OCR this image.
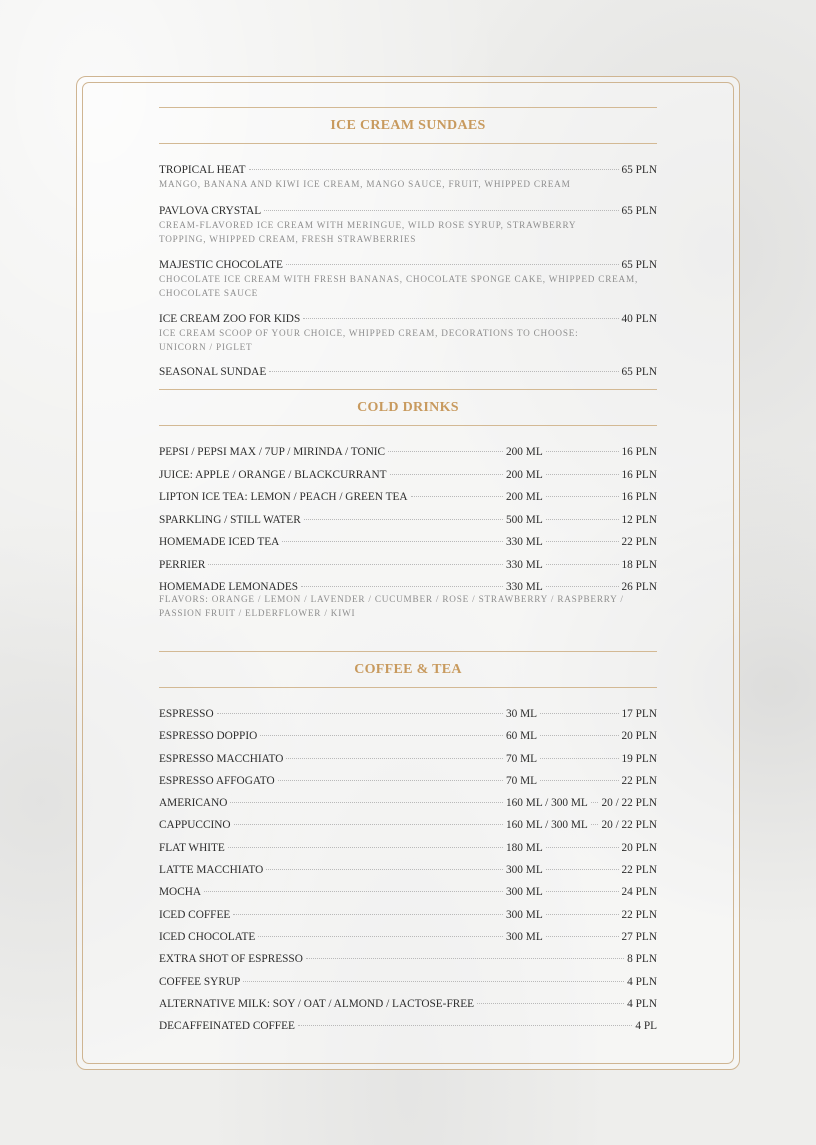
ICE CREAM SUNDAES
TROPICAL HEAT	65 PLN
MANGO, BANANA AND KIWI ICE CREAM, MANGO SAUCE, FRUIT, WHIPPED CREAM
PAVLOVA CRYSTAL	65 PLN
CREAM-FLAVORED ICE CREAM WITH MERINGUE, WILD ROSE SYRUP, STRAWBERRY TOPPING, WHIPPED CREAM, FRESH STRAWBERRIES
MAJESTIC CHOCOLATE	65 PLN
CHOCOLATE ICE CREAM WITH FRESH BANANAS, CHOCOLATE SPONGE CAKE, WHIPPED CREAM, CHOCOLATE SAUCE
ICE CREAM ZOO FOR KIDS	40 PLN
ICE CREAM SCOOP OF YOUR CHOICE, WHIPPED CREAM, DECORATIONS TO CHOOSE: UNICORN / PIGLET
SEASONAL SUNDAE	65 PLN
COLD DRINKS
PEPSI / PEPSI MAX / 7UP / MIRINDA / TONIC	200 ML	16 PLN
JUICE: APPLE / ORANGE / BLACKCURRANT	200 ML	16 PLN
LIPTON ICE TEA: LEMON / PEACH / GREEN TEA	200 ML	16 PLN
SPARKLING / STILL WATER	500 ML	12 PLN
HOMEMADE ICED TEA	330 ML	22 PLN
PERRIER	330 ML	18 PLN
HOMEMADE LEMONADES	330 ML	26 PLN
FLAVORS: ORANGE / LEMON / LAVENDER / CUCUMBER / ROSE / STRAWBERRY / RASPBERRY / PASSION FRUIT / ELDERFLOWER / KIWI
COFFEE & TEA
ESPRESSO	30 ML	17 PLN
ESPRESSO DOPPIO	60 ML	20 PLN
ESPRESSO MACCHIATO	70 ML	19 PLN
ESPRESSO AFFOGATO	70 ML	22 PLN
AMERICANO	160 ML / 300 ML 20 / 22 PLN
CAPPUCCINO	160 ML / 300 ML 20 / 22 PLN
FLAT WHITE	180 ML	20 PLN
LATTE MACCHIATO	300 ML	22 PLN
MOCHA	300 ML	24 PLN
ICED COFFEE	300 ML	22 PLN
ICED CHOCOLATE	300 ML	27 PLN
EXTRA SHOT OF ESPRESSO	8 PLN
COFFEE SYRUP	4 PLN
ALTERNATIVE MILK: SOY / OAT / ALMOND / LACTOSE-FREE	4 PLN
DECAFFEINATED COFFEE	4 PL
